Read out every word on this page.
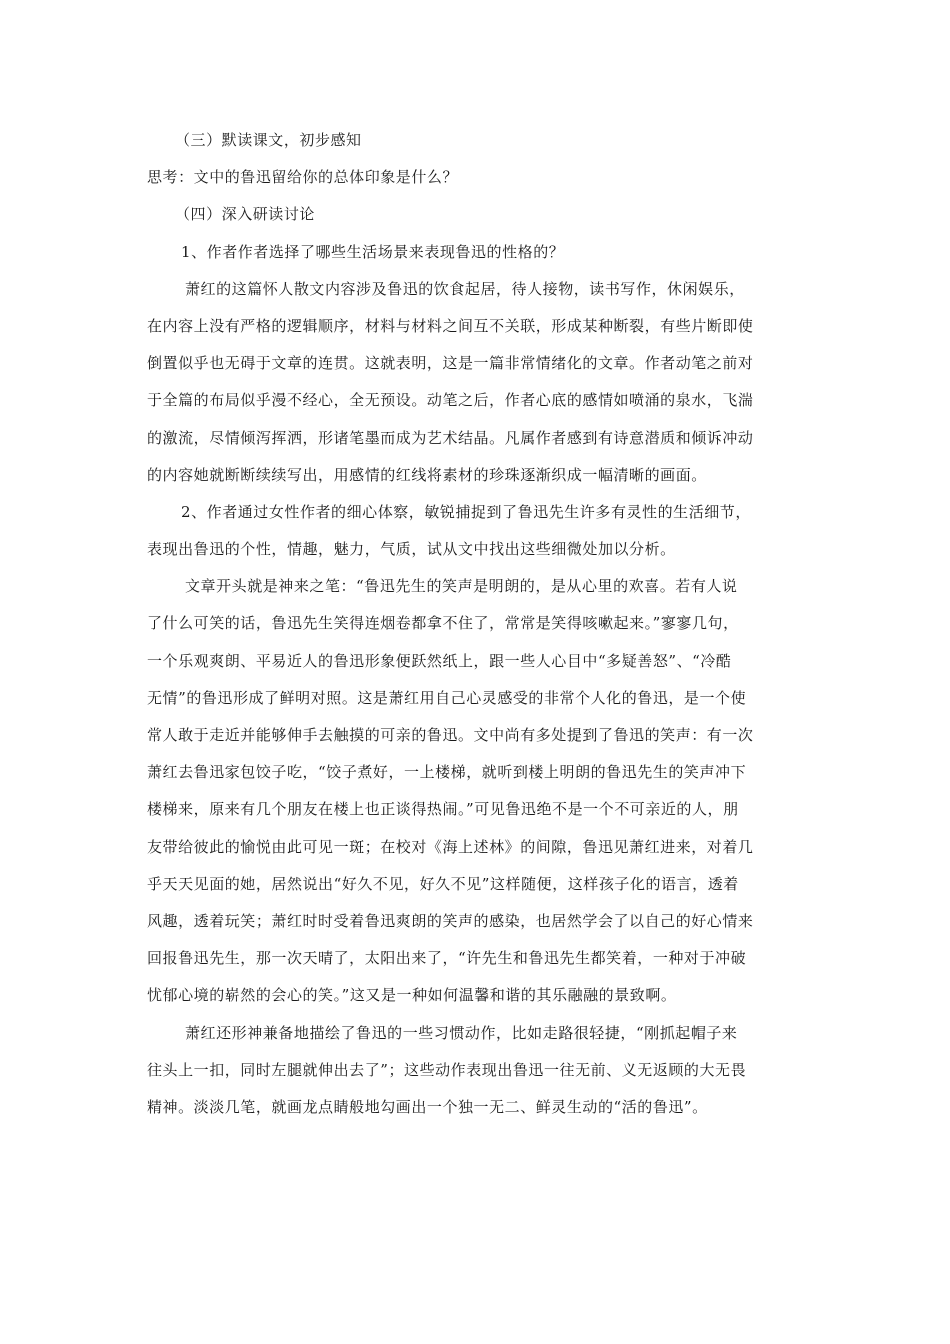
（三）默读课文，初步感知
思考：文中的鲁迅留给你的总体印象是什么？
（四）深入研读讨论
1、作者作者选择了哪些生活场景来表现鲁迅的性格的？
萧红的这篇怀人散文内容涉及鲁迅的饮食起居，待人接物，读书写作，休闲娱乐，
在内容上没有严格的逻辑顺序，材料与材料之间互不关联，形成某种断裂，有些片断即使
倒置似乎也无碍于文章的连贯。这就表明，这是一篇非常情绪化的文章。作者动笔之前对
于全篇的布局似乎漫不经心，全无预设。动笔之后，作者心底的感情如喷涌的泉水，飞湍
的激流，尽情倾泻挥洒，形诸笔墨而成为艺术结晶。凡属作者感到有诗意潜质和倾诉冲动
的内容她就断断续续写出，用感情的红线将素材的珍珠逐渐织成一幅清晰的画面。
2、作者通过女性作者的细心体察，敏锐捕捉到了鲁迅先生许多有灵性的生活细节，
表现出鲁迅的个性，情趣，魅力，气质，试从文中找出这些细微处加以分析。
文章开头就是神来之笔：“鲁迅先生的笑声是明朗的，是从心里的欢喜。若有人说
了什么可笑的话，鲁迅先生笑得连烟卷都拿不住了，常常是笑得咳嗽起来。”寥寥几句，
一个乐观爽朗、平易近人的鲁迅形象便跃然纸上，跟一些人心目中“多疑善怒”、“冷酷
无情”的鲁迅形成了鲜明对照。这是萧红用自己心灵感受的非常个人化的鲁迅，是一个使
常人敢于走近并能够伸手去触摸的可亲的鲁迅。文中尚有多处提到了鲁迅的笑声：有一次
萧红去鲁迅家包饺子吃，“饺子煮好，一上楼梯，就听到楼上明朗的鲁迅先生的笑声冲下
楼梯来，原来有几个朋友在楼上也正谈得热闹。”可见鲁迅绝不是一个不可亲近的人，朋
友带给彼此的愉悦由此可见一斑；在校对《海上述林》的间隙，鲁迅见萧红进来，对着几
乎天天见面的她，居然说出“好久不见，好久不见”这样随便，这样孩子化的语言，透着
风趣，透着玩笑；萧红时时受着鲁迅爽朗的笑声的感染，也居然学会了以自己的好心情来
回报鲁迅先生，那一次天晴了，太阳出来了，“许先生和鲁迅先生都笑着，一种对于冲破
忧郁心境的崭然的会心的笑。”这又是一种如何温馨和谐的其乐融融的景致啊。
萧红还形神兼备地描绘了鲁迅的一些习惯动作，比如走路很轻捷，“刚抓起帽子来
往头上一扣，同时左腿就伸出去了”；这些动作表现出鲁迅一往无前、义无返顾的大无畏
精神。淡淡几笔，就画龙点睛般地勾画出一个独一无二、鲜灵生动的“活的鲁迅”。
